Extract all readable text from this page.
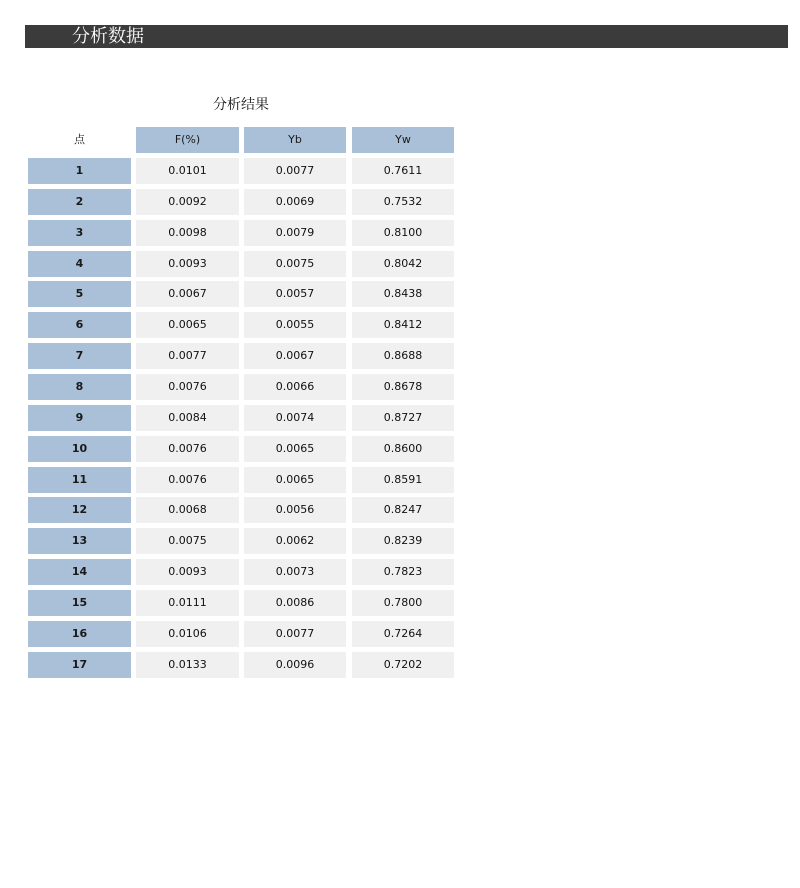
分析数据
分析结果
点	F(%)	Yb	Yw
1	0.0101	0.0077	0.7611
2	0.0092	0.0069	0.7532
3	0.0098	0.0079	0.8100
4	0.0093	0.0075	0.8042
5	0.0067	0.0057	0.8438
6	0.0065	0.0055	0.8412
7	0.0077	0.0067	0.8688
8	0.0076	0.0066	0.8678
9	0.0084	0.0074	0.8727
10	0.0076	0.0065	0.8600
11	0.0076	0.0065	0.8591
12	0.0068	0.0056	0.8247
13	0.0075	0.0062	0.8239
14	0.0093	0.0073	0.7823
15	0.0111	0.0086	0.7800
16	0.0106	0.0077	0.7264
17	0.0133	0.0096	0.7202
